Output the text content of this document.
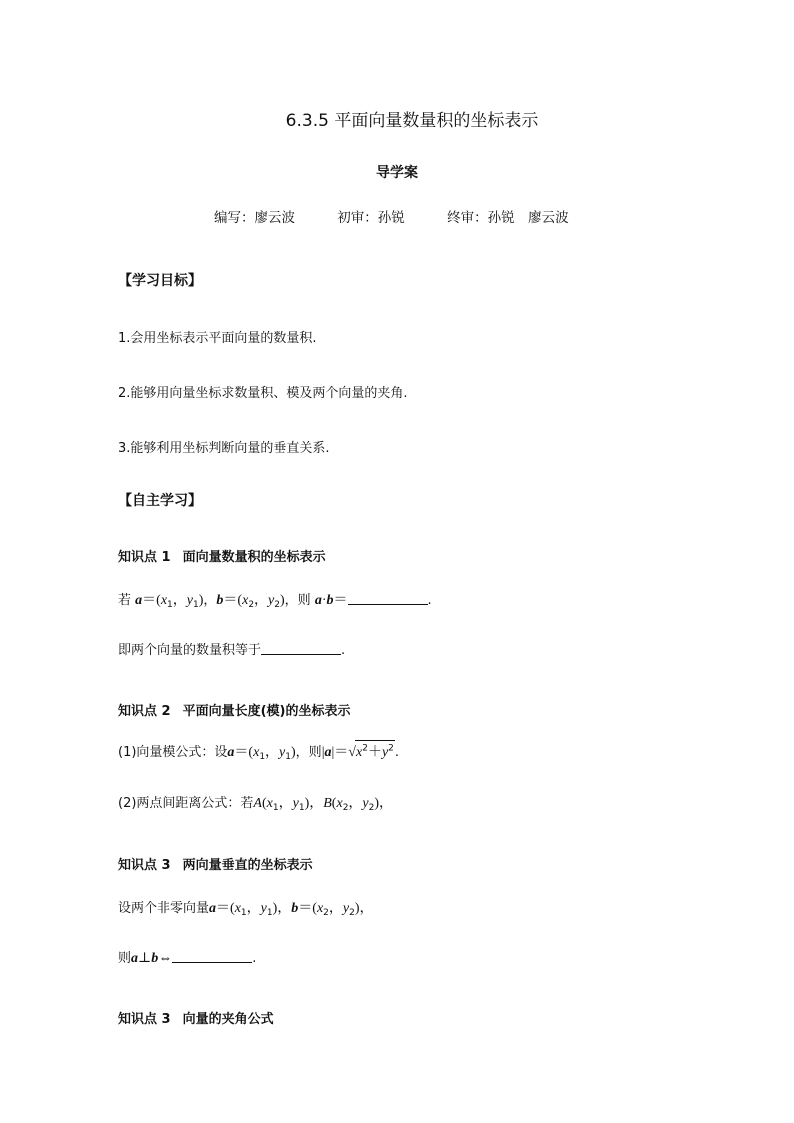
6.3.5 平面向量数量积的坐标表示
导学案
编写：廖云波	初审：孙锐	终审：孙锐　廖云波
【学习目标】
1.会用坐标表示平面向量的数量积.
2.能够用向量坐标求数量积、模及两个向量的夹角.
3.能够利用坐标判断向量的垂直关系.
【自主学习】
知识点 1 面向量数量积的坐标表示
若 $a=(x_1$，$y_1$)，$b=(x_2$，$y_2$)，则 a·b＝	.
即两个向量的数量积等于	.
知识点 2 平面向量长度(模)的坐标表示
(1)向量模公式：设$a=(x_1$，$y_1$)，则$|a|=√x^2+y^2$.
(2)两点间距离公式：若$A(x_1$，$y_1$)，$B(x_2$，$y_2$)，
知识点 3 两向量垂直的坐标表示
设两个非零向量$a=(x_1$，$y_1$)，$b=(x_2$，$y_2$)，
则a⊥b⇔	.
知识点 3 向量的夹角公式
